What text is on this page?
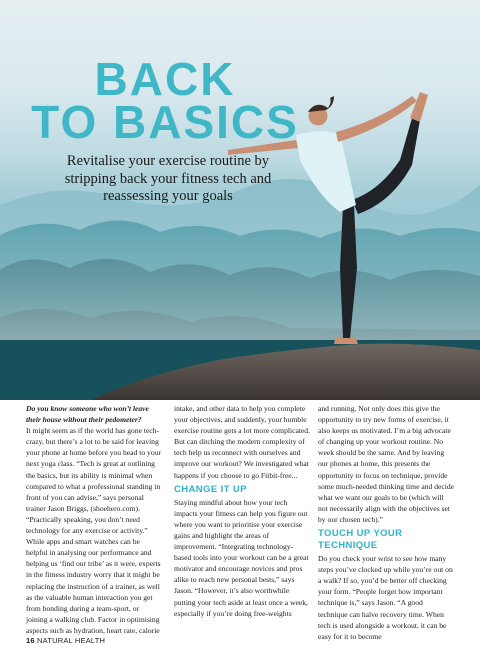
BACK
TO BASICS

Revitalise your exercise routine by stripping back your fitness tech and reassessing your goals

Do you know someone who won’t leave their house without their pedometer?

It might seem as if the world has gone tech-crazy, but there’s a lot to be said for leaving your phone at home before you head to your next yoga class. “Tech is great at outlining the basics, but its ability is minimal when compared to what a professional standing in front of you can advise,” says personal trainer Jason Briggs, (shoehero.com). “Practically speaking, you don’t need technology for any exercise or activity.” While apps and smart watches can be helpful in analysing our performance and helping us ‘find our tribe’ as it were, experts in the fitness industry worry that it might be replacing the instruction of a trainer, as well as the valuable human interaction you get from bonding during a team-sport, or joining a walking club. Factor in optimising aspects such as hydration, heart rate, calorie

intake, and other data to help you complete your objectives, and suddenly, your humble exercise routine gets a lot more complicated. But can ditching the modern complexity of tech help us reconnect with ourselves and improve our workout? We investigated what happens if you choose to go Fitbit-free...

CHANGE IT UP

Staying mindful about how your tech impacts your fitness can help you figure out where you want to prioritise your exercise gains and highlight the areas of improvement. “Integrating technology-based tools into your workout can be a great motivator and encourage novices and pros alike to reach new personal bests,” says Jason. “However, it’s also worthwhile putting your tech aside at least once a week, especially if you’re doing free-weights

and running. Not only does this give the opportunity to try new forms of exercise, it also keeps us motivated. I’m a big advocate of changing up your workout routine. No week should be the same. And by leaving our phones at home, this presents the opportunity to focus on technique, provide some much-needed thinking time and decide what we want our goals to be (which will not necessarily align with the objectives set by our chosen tech).”

TOUCH UP YOUR TECHNIQUE

Do you check your wrist to see how many steps you’ve clocked up while you’re out on a walk? If so, you’d be better off checking your form. “People forget how important technique is,” says Jason. “A good technique can halve recovery time. When tech is used alongside a workout, it can be easy for it to become

16 NATURAL HEALTH
